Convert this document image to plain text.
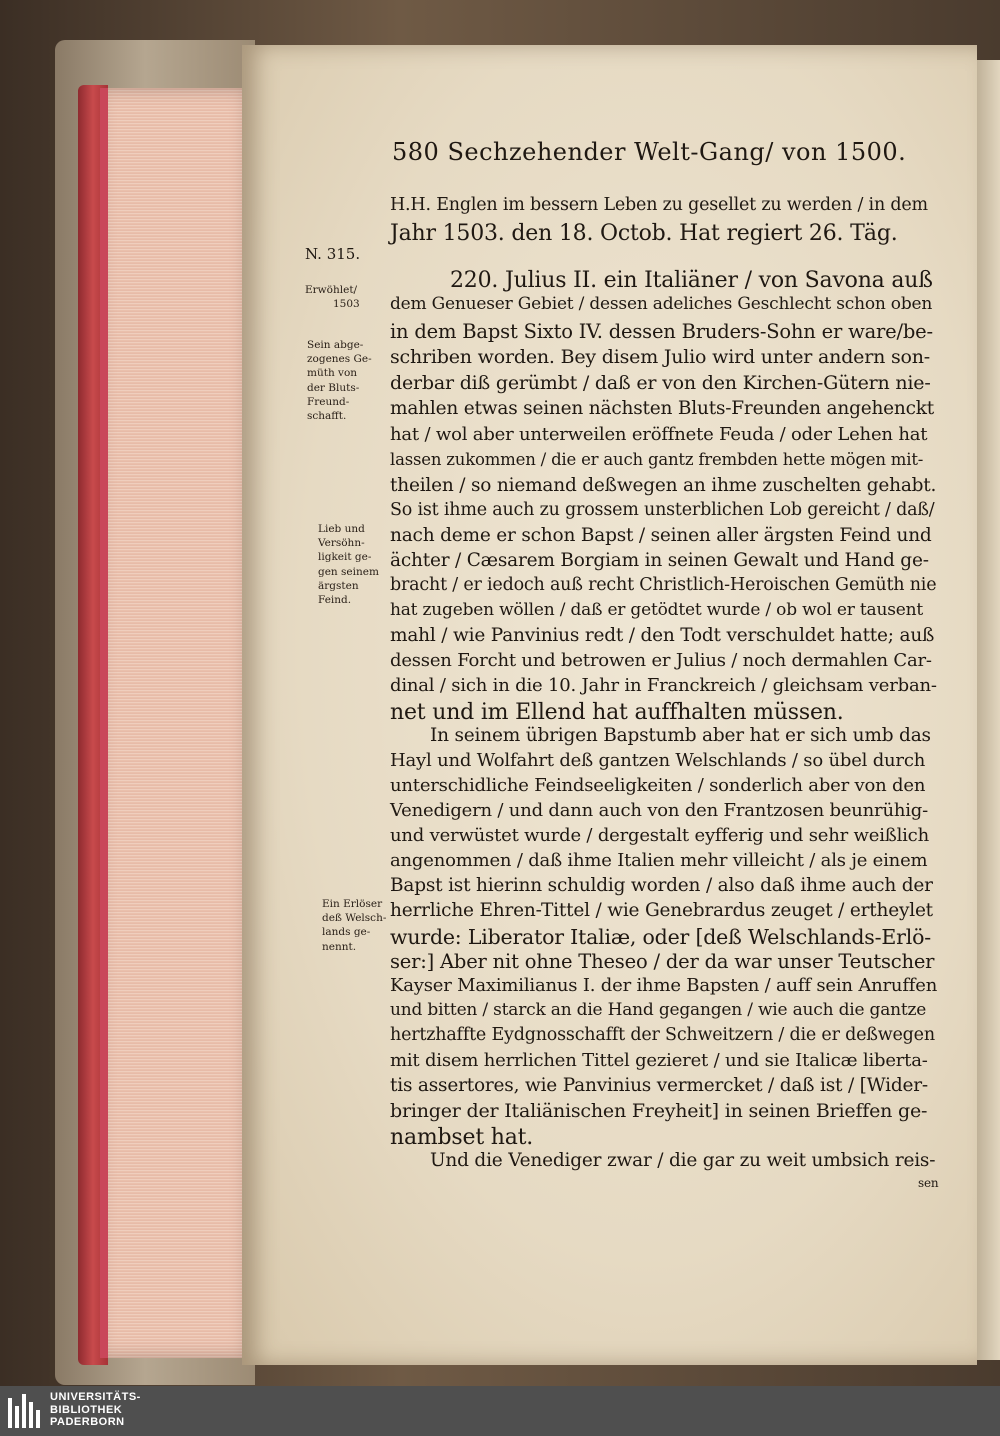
580 Sechzehender Welt-Gang/ von 1500.
N. 315.
H.H. Englen im bessern Leben zu gesellet zu werden / in dem
Jahr 1503. den 18. Octob. Hat regiert 26. Täg.
220. Julius II. ein Italiäner / von Savona auß
dem Genueser Gebiet / dessen adeliches Geschlecht schon oben
in dem Bapst Sixto IV. dessen Bruders-Sohn er ware/be-
schriben worden. Bey disem Julio wird unter andern son-
derbar diß gerümbt / daß er von den Kirchen-Gütern nie-
mahlen etwas seinen nächsten Bluts-Freunden angehenckt
hat / wol aber unterweilen eröffnete Feuda / oder Lehen hat
lassen zukommen / die er auch gantz frembden hette mögen mit-
theilen / so niemand deßwegen an ihme zuschelten gehabt.
So ist ihme auch zu grossem unsterblichen Lob gereicht / daß/
nach deme er schon Bapst / seinen aller ärgsten Feind und
ächter / Cæsarem Borgiam in seinen Gewalt und Hand ge-
bracht / er iedoch auß recht Christlich-Heroischen Gemüth nie
hat zugeben wöllen / daß er getödtet wurde / ob wol er tausent
mahl / wie Panvinius redt / den Todt verschuldet hatte; auß
dessen Forcht und betrowen er Julius / noch dermahlen Car-
dinal / sich in die 10. Jahr in Franckreich / gleichsam verban-
net und im Ellend hat auffhalten müssen.
In seinem übrigen Bapstumb aber hat er sich umb das
Hayl und Wolfahrt deß gantzen Welschlands / so übel durch
unterschidliche Feindseeligkeiten / sonderlich aber von den
Venedigern / und dann auch von den Frantzosen beunrühig-
und verwüstet wurde / dergestalt eyfferig und sehr weißlich
angenommen / daß ihme Italien mehr villeicht / als je einem
Bapst ist hierinn schuldig worden / also daß ihme auch der
herrliche Ehren-Tittel / wie Genebrardus zeuget / ertheylet
wurde: Liberator Italiæ, oder [deß Welschlands-Erlö-
ser:] Aber nit ohne Theseo / der da war unser Teutscher
Kayser Maximilianus I. der ihme Bapsten / auff sein Anruffen
und bitten / starck an die Hand gegangen / wie auch die gantze
hertzhaffte Eydgnosschafft der Schweitzern / die er deßwegen
mit disem herrlichen Tittel gezieret / und sie Italicæ liberta-
tis assertores, wie Panvinius vermercket / daß ist / [Wider-
bringer der Italiänischen Freyheit] in seinen Brieffen ge-
nambset hat.
Und die Venediger zwar / die gar zu weit umbsich reis-
sen
Erwöhlet/
1503
Sein abge-
zogenes Ge-
müth von
der Bluts-
Freund-
schafft.
Lieb und
Versöhn-
ligkeit ge-
gen seinem
ärgsten
Feind.
Ein Erlöser
deß Welsch-
lands ge-
nennt.
UNIVERSITÄTS-
BIBLIOTHEK
PADERBORN
